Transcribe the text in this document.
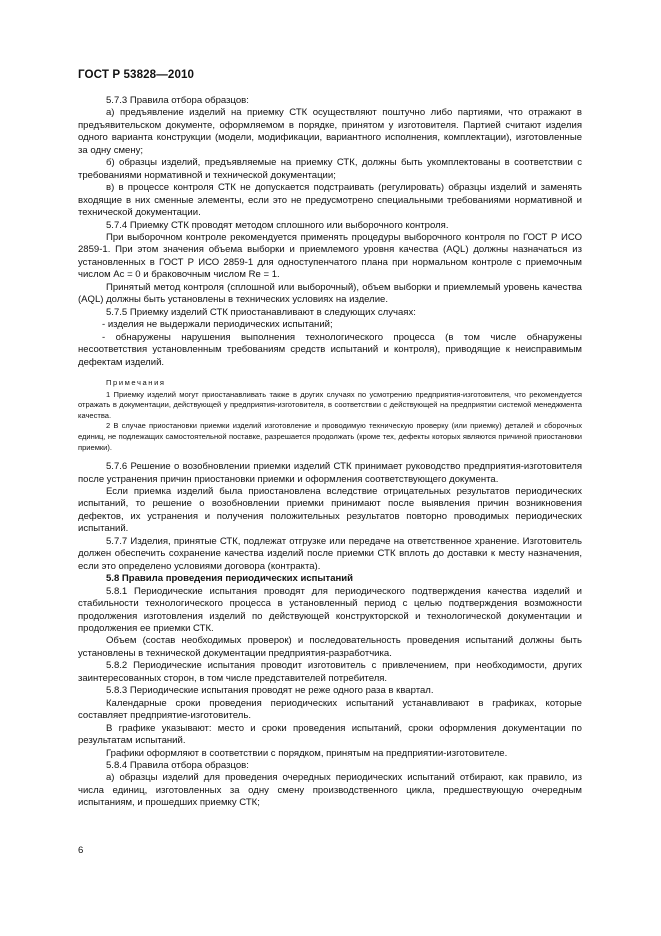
ГОСТ Р 53828—2010

5.7.3 Правила отбора образцов:

а) предъявление изделий на приемку СТК осуществляют поштучно либо партиями, что отражают в предъявительском документе, оформляемом в порядке, принятом у изготовителя. Партией считают изделия одного варианта конструкции (модели, модификации, вариантного исполнения, комплектации), изготовленные за одну смену;

б) образцы изделий, предъявляемые на приемку СТК, должны быть укомплектованы в соответствии с требованиями нормативной и технической документации;

в) в процессе контроля СТК не допускается подстраивать (регулировать) образцы изделий и заменять входящие в них сменные элементы, если это не предусмотрено специальными требованиями нормативной и технической документации.

5.7.4 Приемку СТК проводят методом сплошного или выборочного контроля.

При выборочном контроле рекомендуется применять процедуры выборочного контроля по ГОСТ Р ИСО 2859-1. При этом значения объема выборки и приемлемого уровня качества (AQL) должны назначаться из установленных в ГОСТ Р ИСО 2859-1 для одноступенчатого плана при нормальном контроле с приемочным числом Ас = 0 и браковочным числом Re = 1.

Принятый метод контроля (сплошной или выборочный), объем выборки и приемлемый уровень качества (AQL) должны быть установлены в технических условиях на изделие.

5.7.5 Приемку изделий СТК приостанавливают в следующих случаях:

- изделия не выдержали периодических испытаний;

- обнаружены нарушения выполнения технологического процесса (в том числе обнаружены несоответствия установленным требованиям средств испытаний и контроля), приводящие к неисправимым дефектам изделий.

Примечания

1 Приемку изделий могут приостанавливать также в других случаях по усмотрению предприятия-изготовителя, что рекомендуется отражать в документации, действующей у предприятия-изготовителя, в соответствии с действующей на предприятии системой менеджмента качества.

2 В случае приостановки приемки изделий изготовление и проводимую техническую проверку (или приемку) деталей и сборочных единиц, не подлежащих самостоятельной поставке, разрешается продолжать (кроме тех, дефекты которых являются причиной приостановки приемки).

5.7.6 Решение о возобновлении приемки изделий СТК принимает руководство предприятия-изготовителя после устранения причин приостановки приемки и оформления соответствующего документа.

Если приемка изделий была приостановлена вследствие отрицательных результатов периодических испытаний, то решение о возобновлении приемки принимают после выявления причин возникновения дефектов, их устранения и получения положительных результатов повторно проводимых периодических испытаний.

5.7.7 Изделия, принятые СТК, подлежат отгрузке или передаче на ответственное хранение. Изготовитель должен обеспечить сохранение качества изделий после приемки СТК вплоть до доставки к месту назначения, если это определено условиями договора (контракта).

5.8 Правила проведения периодических испытаний

5.8.1 Периодические испытания проводят для периодического подтверждения качества изделий и стабильности технологического процесса в установленный период с целью подтверждения возможности продолжения изготовления изделий по действующей конструкторской и технологической документации и продолжения ее приемки СТК.

Объем (состав необходимых проверок) и последовательность проведения испытаний должны быть установлены в технической документации предприятия-разработчика.

5.8.2 Периодические испытания проводит изготовитель с привлечением, при необходимости, других заинтересованных сторон, в том числе представителей потребителя.

5.8.3 Периодические испытания проводят не реже одного раза в квартал.

Календарные сроки проведения периодических испытаний устанавливают в графиках, которые составляет предприятие-изготовитель.

В графике указывают: место и сроки проведения испытаний, сроки оформления документации по результатам испытаний.

Графики оформляют в соответствии с порядком, принятым на предприятии-изготовителе.

5.8.4 Правила отбора образцов:

а) образцы изделий для проведения очередных периодических испытаний отбирают, как правило, из числа единиц, изготовленных за одну смену производственного цикла, предшествующую очередным испытаниям, и прошедших приемку СТК;

6
